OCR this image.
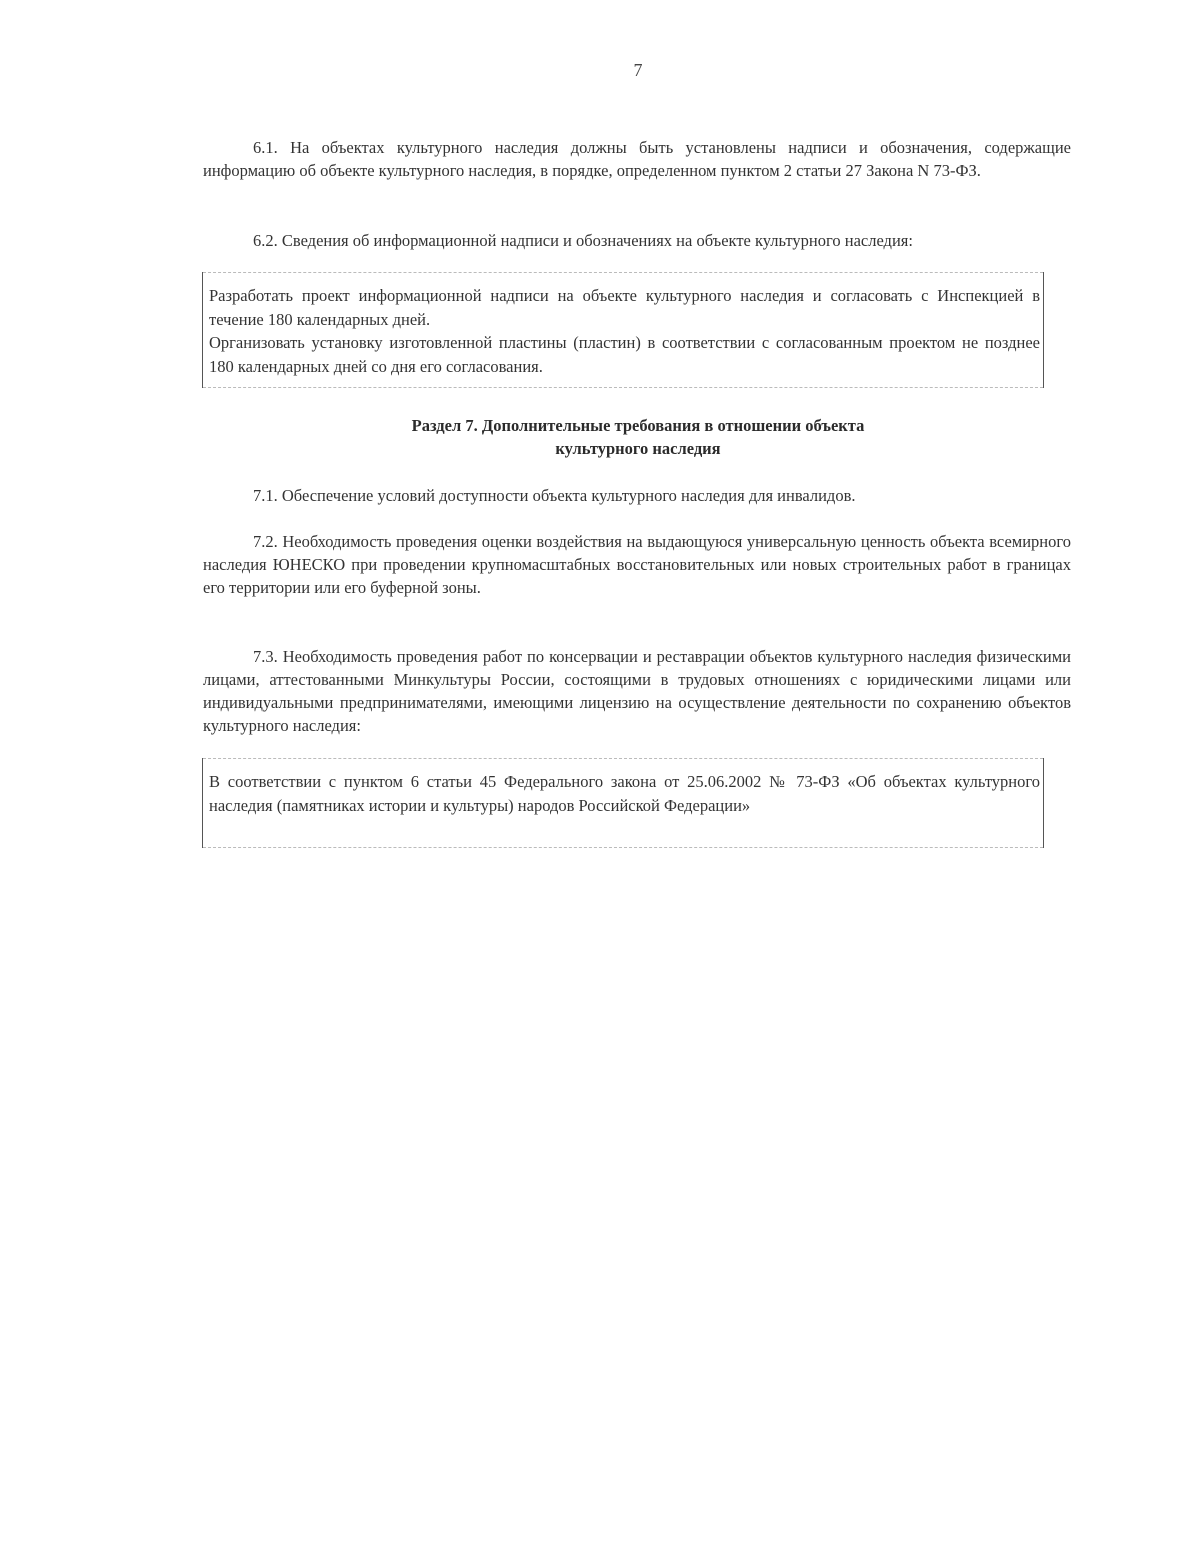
7

6.1. На объектах культурного наследия должны быть установлены надписи и обозначения, содержащие информацию об объекте культурного наследия, в порядке, определенном пунктом 2 статьи 27 Закона N 73-ФЗ.

6.2. Сведения об информационной надписи и обозначениях на объекте культурного наследия:

Разработать проект информационной надписи на объекте культурного наследия и согласовать с Инспекцией в течение 180 календарных дней.

Организовать установку изготовленной пластины (пластин) в соответствии с согласованным проектом не позднее 180 календарных дней со дня его согласования.

Раздел 7. Дополнительные требования в отношении объекта
культурного наследия

7.1. Обеспечение условий доступности объекта культурного наследия для инвалидов.

7.2. Необходимость проведения оценки воздействия на выдающуюся универсальную ценность объекта всемирного наследия ЮНЕСКО при проведении крупномасштабных восстановительных или новых строительных работ в границах его территории или его буферной зоны.

7.3. Необходимость проведения работ по консервации и реставрации объектов культурного наследия физическими лицами, аттестованными Минкультуры России, состоящими в трудовых отношениях с юридическими лицами или индивидуальными предпринимателями, имеющими лицензию на осуществление деятельности по сохранению объектов культурного наследия:

В соответствии с пунктом 6 статьи 45 Федерального закона от 25.06.2002 № 73-ФЗ «Об объектах культурного наследия (памятниках истории и культуры) народов Российской Федерации»
